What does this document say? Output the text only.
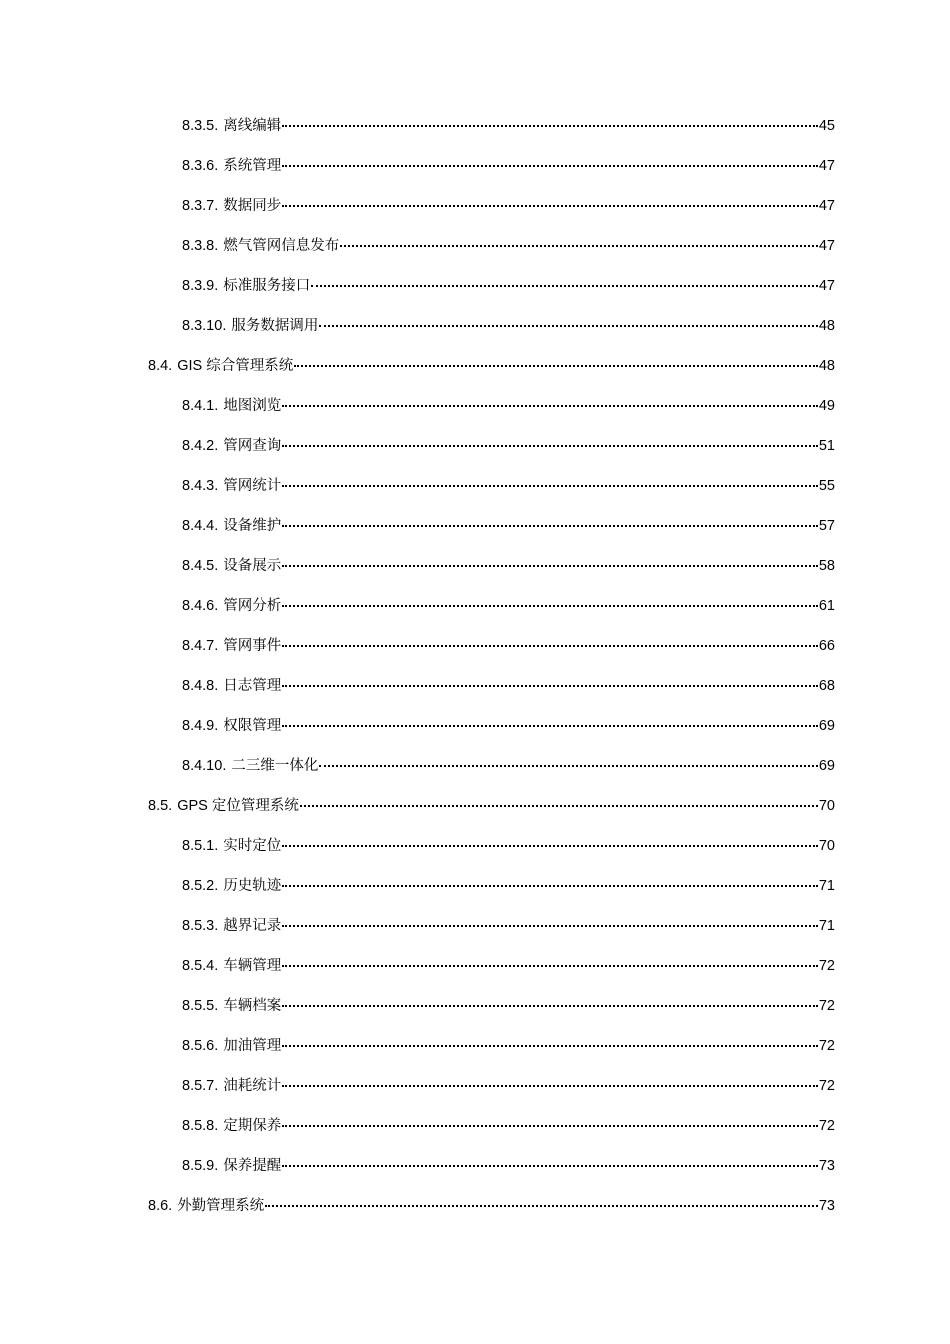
8.3.5. 离线编辑	45
8.3.6. 系统管理	47
8.3.7. 数据同步	47
8.3.8. 燃气管网信息发布	47
8.3.9. 标准服务接口	47
8.3.10. 服务数据调用	48
8.4. GIS 综合管理系统	48
8.4.1. 地图浏览	49
8.4.2. 管网查询	51
8.4.3. 管网统计	55
8.4.4. 设备维护	57
8.4.5. 设备展示	58
8.4.6. 管网分析	61
8.4.7. 管网事件	66
8.4.8. 日志管理	68
8.4.9. 权限管理	69
8.4.10. 二三维一体化	69
8.5. GPS 定位管理系统	70
8.5.1. 实时定位	70
8.5.2. 历史轨迹	71
8.5.3. 越界记录	71
8.5.4. 车辆管理	72
8.5.5. 车辆档案	72
8.5.6. 加油管理	72
8.5.7. 油耗统计	72
8.5.8. 定期保养	72
8.5.9. 保养提醒	73
8.6. 外勤管理系统	73
